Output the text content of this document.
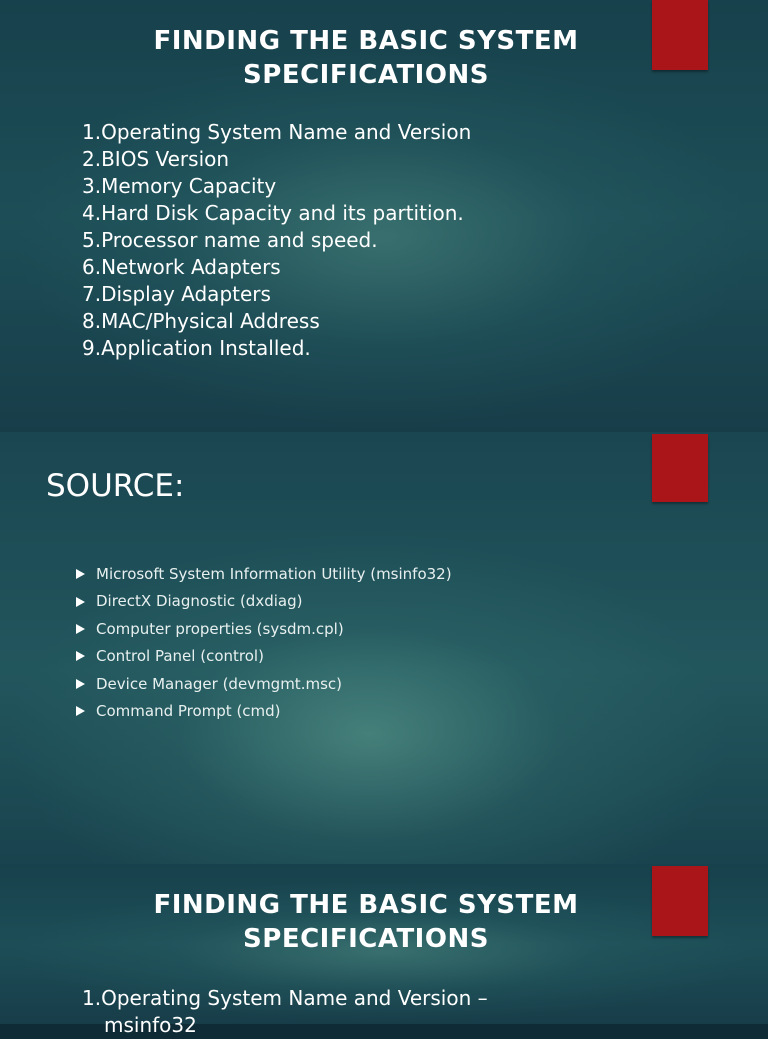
FINDING THE BASIC SYSTEM
SPECIFICATIONS
1.Operating System Name and Version
2.BIOS Version
3.Memory Capacity
4.Hard Disk Capacity and its partition.
5.Processor name and speed.
6.Network Adapters
7.Display Adapters
8.MAC/Physical Address
9.Application Installed.
SOURCE:
Microsoft System Information Utility (msinfo32)
DirectX Diagnostic (dxdiag)
Computer properties (sysdm.cpl)
Control Panel (control)
Device Manager (devmgmt.msc)
Command Prompt (cmd)
FINDING THE BASIC SYSTEM
SPECIFICATIONS
1.Operating System Name and Version –
msinfo32
